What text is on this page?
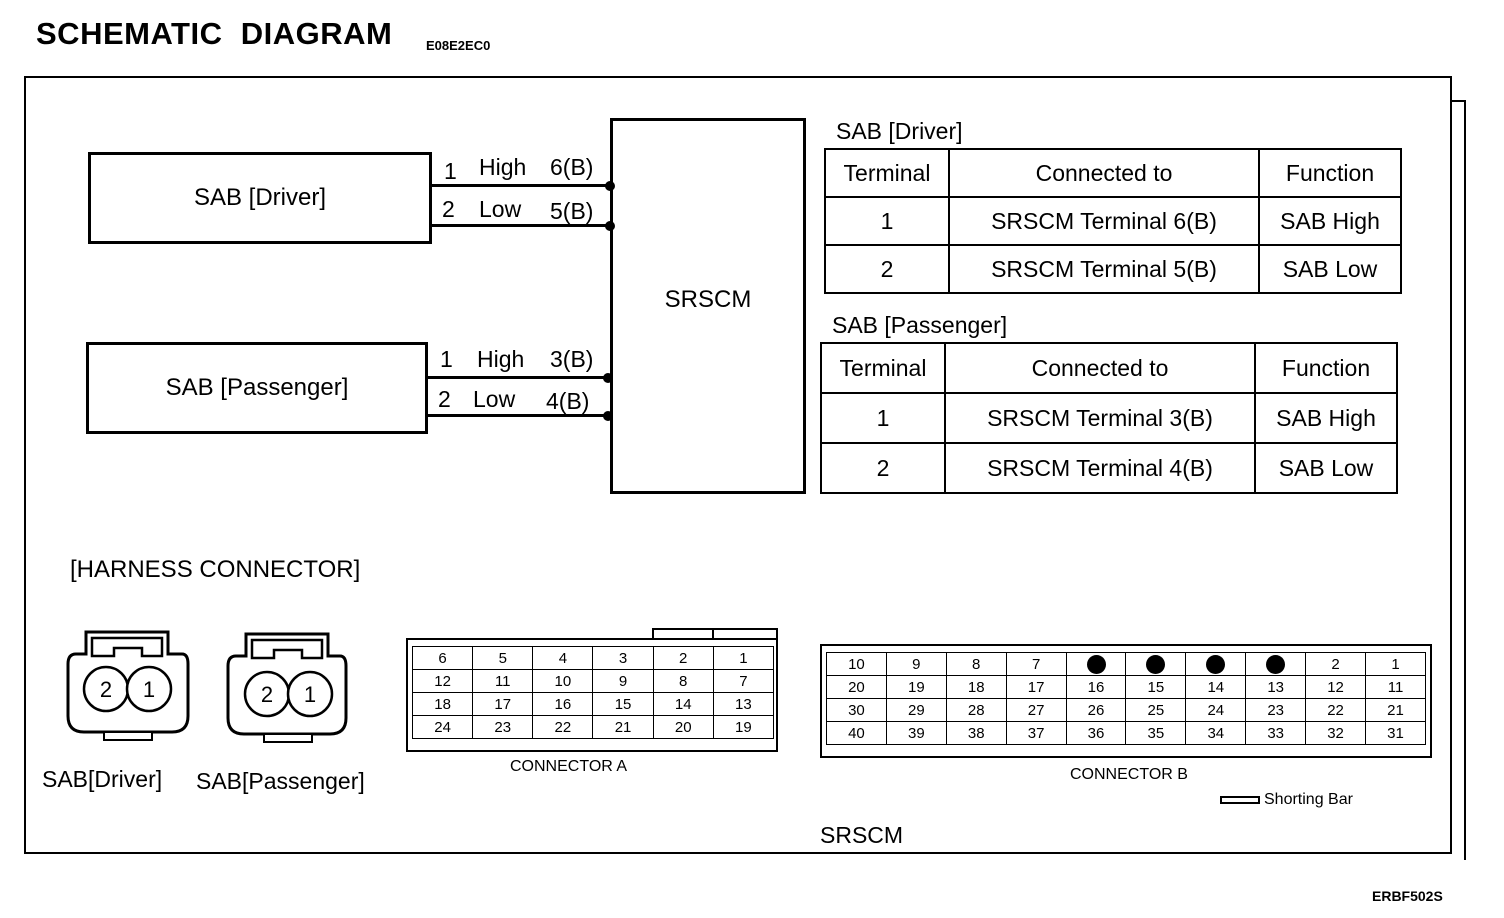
SCHEMATIC  DIAGRAM	E08E2EC0
SAB [Driver]
SAB [Passenger]
SRSCM
1 High 6(B)
2 Low 5(B)
1 High 3(B)
2 Low 4(B)
SAB [Driver]
Terminal	Connected to	Function
1	SRSCM Terminal 6(B)	SAB High
2	SRSCM Terminal 5(B)	SAB Low
SAB [Passenger]
Terminal	Connected to	Function
1	SRSCM Terminal 3(B)	SAB High
2	SRSCM Terminal 4(B)	SAB Low
[HARNESS CONNECTOR]
2 1
SAB[Driver]
2 1
SAB[Passenger]
6	5	4	3	2	1
12	11	10	9	8	7
18	17	16	15	14	13
24	23	22	21	20	19
CONNECTOR A
10	9	8	7					2	1
20	19	18	17	16	15	14	13	12	11
30	29	28	27	26	25	24	23	22	21
40	39	38	37	36	35	34	33	32	31
CONNECTOR B
Shorting Bar
SRSCM
ERBF502S
